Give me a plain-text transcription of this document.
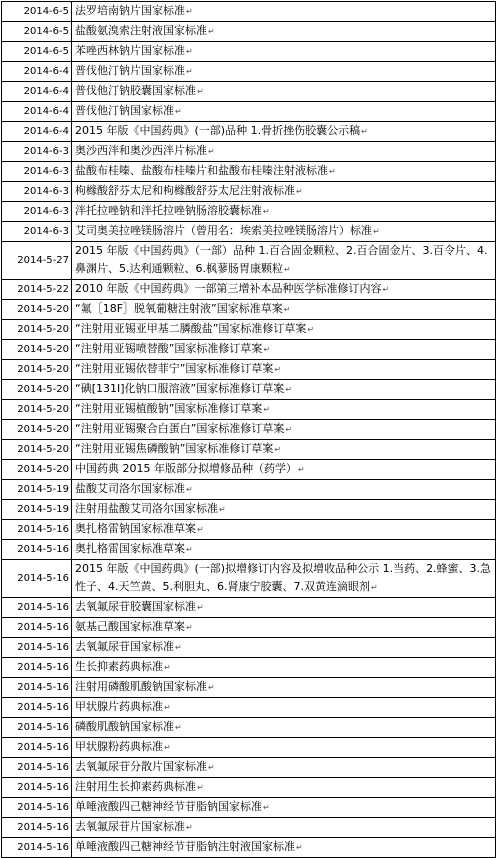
2014-6-5	法罗培南钠片国家标准↵
2014-6-5	盐酸氨溴索注射液国家标准↵
2014-6-5	苯唑西林钠片国家标准↵
2014-6-4	普伐他汀钠片国家标准↵
2014-6-4	普伐他汀钠胶囊国家标准↵
2014-6-4	普伐他汀钠国家标准↵
2014-6-4	2015 年版《中国药典》(一部)品种 1.骨折挫伤胶囊公示稿↵
2014-6-3	奥沙西泮和奥沙西泮片标准↵
2014-6-3	盐酸布桂嗪、盐酸布桂嗪片和盐酸布桂嗪注射液标准↵
2014-6-3	枸橼酸舒芬太尼和枸橼酸舒芬太尼注射液标准↵
2014-6-3	泮托拉唑钠和泮托拉唑钠肠溶胶囊标准↵
2014-6-3	艾司奥美拉唑镁肠溶片（曾用名：埃索美拉唑镁肠溶片）标准↵
2014-5-27	2015 年版《中国药典》（一部）品种 1.百合固金颗粒、2.百合固金片、3.百令片、4.鼻渊片、5.达利通颗粒、6.枫蓼肠胃康颗粒↵
2014-5-22	2010 年版《中国药典》一部第三增补本品种医学标准修订内容↵
2014-5-20	“氟［18F］脱氧葡糖注射液”国家标准草案↵
2014-5-20	“注射用亚锡亚甲基二膦酸盐”国家标准修订草案↵
2014-5-20	“注射用亚锡喷替酸”国家标准修订草案↵
2014-5-20	“注射用亚锡依替菲宁”国家标准修订草案↵
2014-5-20	“碘[131I]化钠口服溶液”国家标准修订草案↵
2014-5-20	“注射用亚锡植酸钠”国家标准修订草案↵
2014-5-20	“注射用亚锡聚合白蛋白”国家标准修订草案↵
2014-5-20	“注射用亚锡焦磷酸钠”国家标准修订草案↵
2014-5-20	中国药典 2015 年版部分拟增修品种（药学）↵
2014-5-19	盐酸艾司洛尔国家标准↵
2014-5-19	注射用盐酸艾司洛尔国家标准↵
2014-5-16	奥扎格雷钠国家标准草案↵
2014-5-16	奥扎格雷国家标准草案↵
2014-5-16	2015 年版《中国药典》(一部)拟增修订内容及拟增收品种公示 1.当药、2.蜂蜜、3.急性子、4.天竺黄、5.利胆丸、6.肾康宁胶囊、7.双黄连滴眼剂↵
2014-5-16	去氧氟尿苷胶囊国家标准↵
2014-5-16	氨基己酸国家标准草案↵
2014-5-16	去氧氟尿苷国家标准↵
2014-5-16	生长抑素药典标准↵
2014-5-16	注射用磷酸肌酸钠国家标准↵
2014-5-16	甲状腺片药典标准↵
2014-5-16	磷酸肌酸钠国家标准↵
2014-5-16	甲状腺粉药典标准↵
2014-5-16	去氧氟尿苷分散片国家标准↵
2014-5-16	注射用生长抑素药典标准↵
2014-5-16	单唾液酸四己糖神经节苷脂钠国家标准↵
2014-5-16	去氧氟尿苷片国家标准↵
2014-5-16	单唾液酸四己糖神经节苷脂钠注射液国家标准↵
